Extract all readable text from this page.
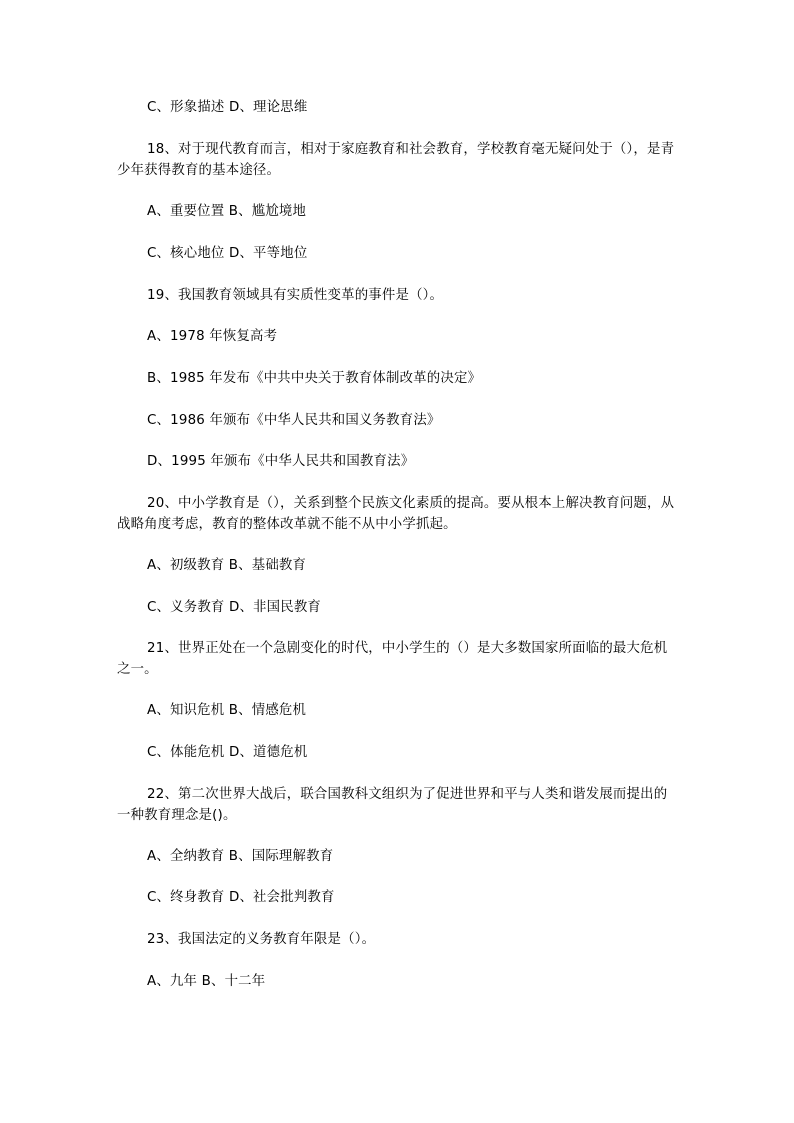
C、形象描述 D、理论思维

18、对于现代教育而言，相对于家庭教育和社会教育，学校教育毫无疑问处于（），是青少年获得教育的基本途径。

A、重要位置 B、尴尬境地

C、核心地位 D、平等地位

19、我国教育领域具有实质性变革的事件是（）。

A、1978 年恢复高考

B、1985 年发布《中共中央关于教育体制改革的决定》

C、1986 年颁布《中华人民共和国义务教育法》

D、1995 年颁布《中华人民共和国教育法》

20、中小学教育是（），关系到整个民族文化素质的提高。要从根本上解决教育问题，从战略角度考虑，教育的整体改革就不能不从中小学抓起。

A、初级教育 B、基础教育

C、义务教育 D、非国民教育

21、世界正处在一个急剧变化的时代，中小学生的（）是大多数国家所面临的最大危机之一。

A、知识危机 B、情感危机

C、体能危机 D、道德危机

22、第二次世界大战后，联合国教科文组织为了促进世界和平与人类和谐发展而提出的一种教育理念是()。

A、全纳教育 B、国际理解教育

C、终身教育 D、社会批判教育

23、我国法定的义务教育年限是（）。

A、九年 B、十二年
